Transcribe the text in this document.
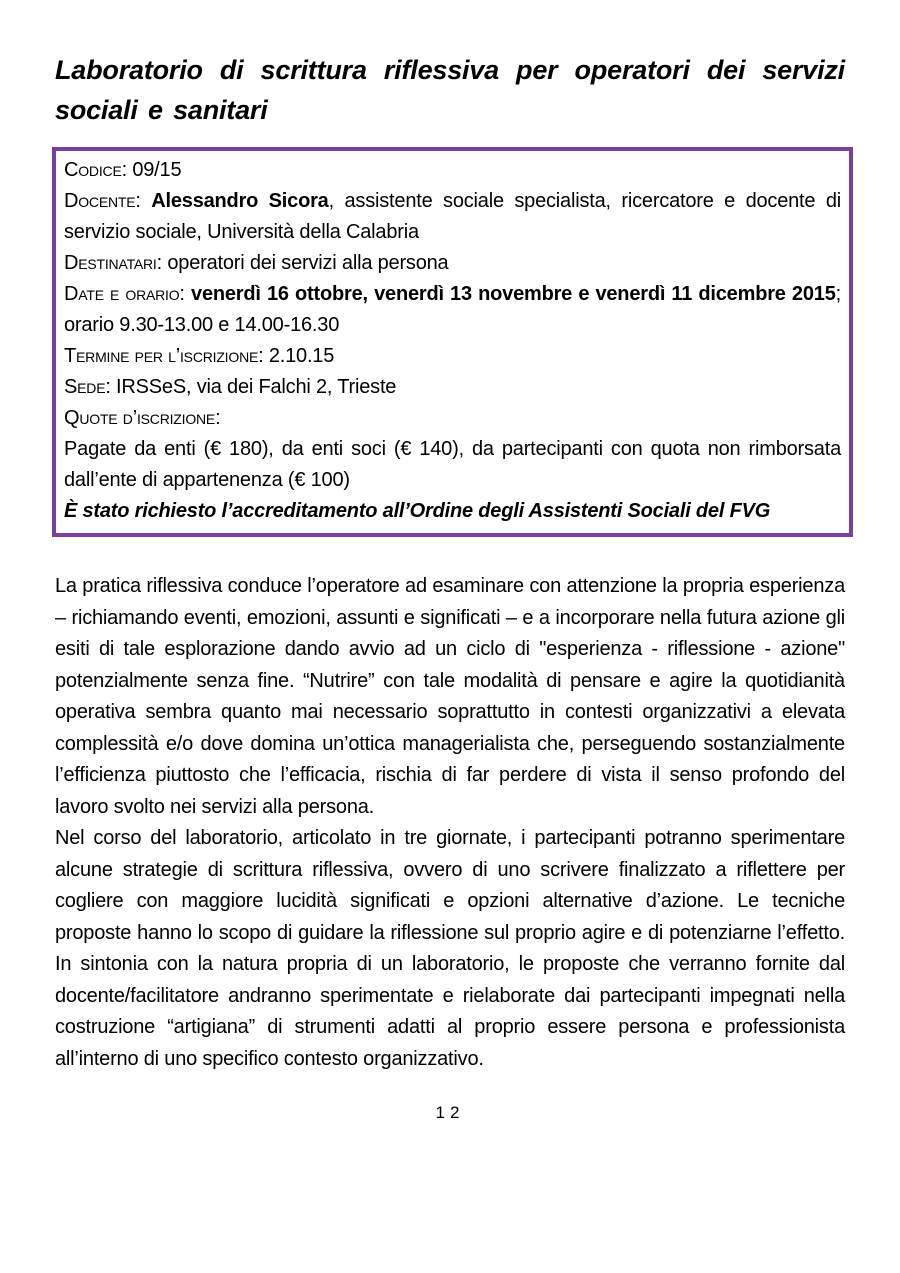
Laboratorio di scrittura riflessiva per operatori dei servizi sociali e sanitari

Codice: 09/15

Docente: Alessandro Sicora, assistente sociale specialista, ricercatore e docente di servizio sociale, Università della Calabria

Destinatari: operatori dei servizi alla persona

Date e orario: venerdì 16 ottobre, venerdì 13 novembre e venerdì 11 dicembre 2015; orario 9.30-13.00 e 14.00-16.30

Termine per l’iscrizione: 2.10.15

Sede: IRSSeS, via dei Falchi 2, Trieste

Quote d’iscrizione:

Pagate da enti (€ 180), da enti soci (€ 140), da partecipanti con quota non rimborsata dall’ente di appartenenza (€ 100)

È stato richiesto l’accreditamento all’Ordine degli Assistenti Sociali del FVG

La pratica riflessiva conduce l’operatore ad esaminare con attenzione la propria esperienza – richiamando eventi, emozioni, assunti e significati – e a incorporare nella futura azione gli esiti di tale esplorazione dando avvio ad un ciclo di "esperienza - riflessione - azione" potenzialmente senza fine. “Nutrire” con tale modalità di pensare e agire la quotidianità operativa sembra quanto mai necessario soprattutto in contesti organizzativi a elevata complessità e/o dove domina un’ottica managerialista che, perseguendo sostanzialmente l’efficienza piuttosto che l’efficacia, rischia di far perdere di vista il senso profondo del lavoro svolto nei servizi alla persona.

Nel corso del laboratorio, articolato in tre giornate, i partecipanti potranno sperimentare alcune strategie di scrittura riflessiva, ovvero di uno scrivere finalizzato a riflettere per cogliere con maggiore lucidità significati e opzioni alternative d’azione. Le tecniche proposte hanno lo scopo di guidare la riflessione sul proprio agire e di potenziarne l’effetto. In sintonia con la natura propria di un laboratorio, le proposte che verranno fornite dal docente/facilitatore andranno sperimentate e rielaborate dai partecipanti impegnati nella costruzione “artigiana” di strumenti adatti al proprio essere persona e professionista all’interno di uno specifico contesto organizzativo.

12
